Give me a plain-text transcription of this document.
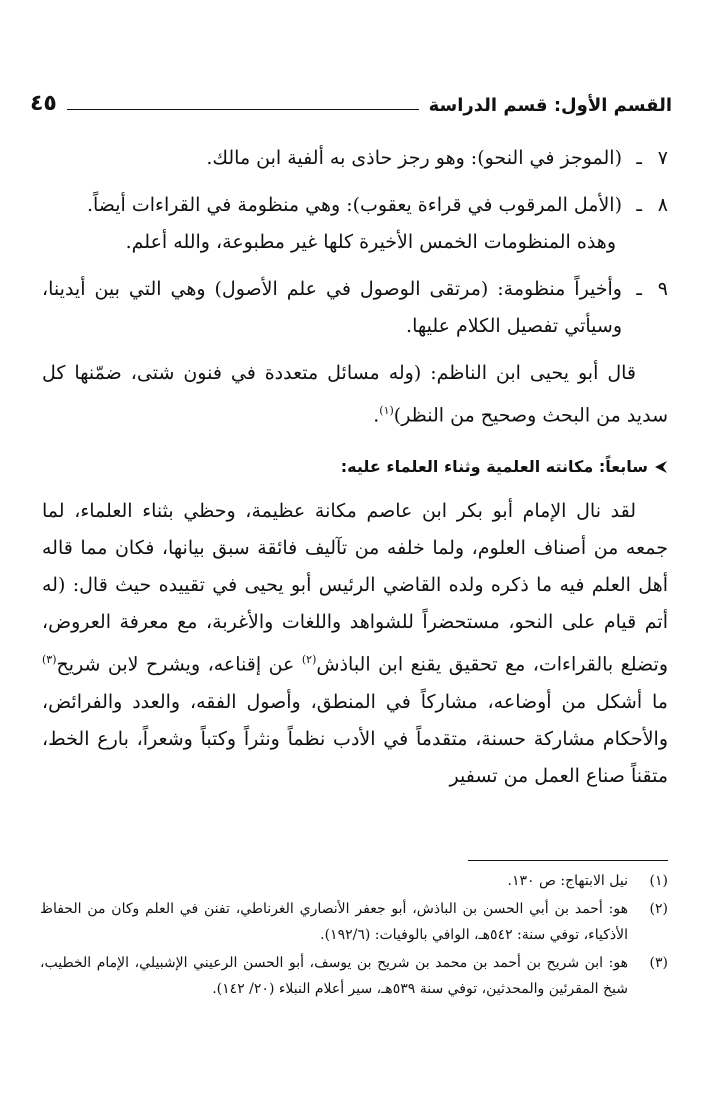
القسم الأول: قسم الدراسة
٤٥
٧
ـ
(الموجز في النحو): وهو رجز حاذى به ألفية ابن مالك.
٨
ـ
(الأمل المرقوب في قراءة يعقوب): وهي منظومة في القراءات أيضاً.

وهذه المنظومات الخمس الأخيرة كلها غير مطبوعة، والله أعلم.

٩
ـ
وأخيراً منظومة: (مرتقى الوصول في علم الأصول) وهي التي بين أيدينا، وسيأتي تفصيل الكلام عليها.

قال أبو يحيى ابن الناظم: (وله مسائل متعددة في فنون شتى، ضمّنها كل سديد من البحث وصحيح من النظر)$^{(١)}$.

سابعاً: مكانته العلمية وثناء العلماء عليه:

لقد نال الإمام أبو بكر ابن عاصم مكانة عظيمة، وحظي بثناء العلماء، لما جمعه من أصناف العلوم، ولما خلفه من تآليف فائقة سبق بيانها، فكان مما قاله أهل العلم فيه ما ذكره ولده القاضي الرئيس أبو يحيى في تقييده حيث قال: (له أتم قيام على النحو، مستحضراً للشواهد واللغات والأغربة، مع معرفة العروض، وتضلع بالقراءات، مع تحقيق يقنع ابن الباذش$^{(٢)}$ عن إقناعه، ويشرح لابن شريح$^{(٣)}$ ما أشكل من أوضاعه، مشاركاً في المنطق، وأصول الفقه، والعدد والفرائض، والأحكام مشاركة حسنة، متقدماً في الأدب نظماً ونثراً وكتباً وشعراً، بارع الخط، متقناً صناع العمل من تسفير

(١)
نيل الابتهاج: ص ١٣٠.
(٢)
هو: أحمد بن أبي الحسن بن الباذش، أبو جعفر الأنصاري الغرناطي، تفنن في العلم وكان من الحفاظ الأذكياء، توفي سنة: ٥٤٢هـ، الوافي بالوفيات: (١٩٢/٦).
(٣)
هو: ابن شريح بن أحمد بن محمد بن شريح بن يوسف، أبو الحسن الرعيني الإشبيلي، الإمام الخطيب، شيخ المقرئين والمحدثين، توفي سنة ٥٣٩هـ، سير أعلام النبلاء (٢٠/ ١٤٢).
